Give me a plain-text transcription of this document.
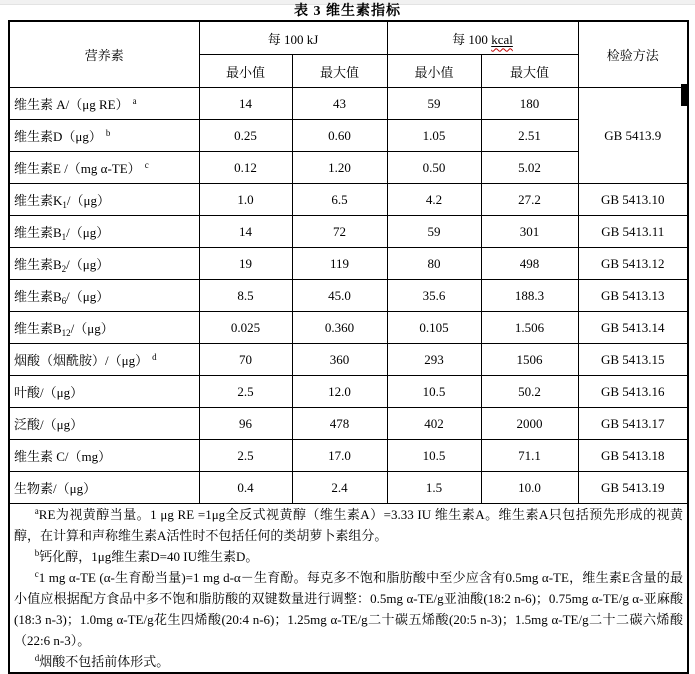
表 3 维生素指标
营养素	每 100 kJ		每 100 kcal		检验方法
	最小值	最大值	最小值	最大值	
维生素 A/（μg RE） $^a$	14	43	59	180	GB 5413.9
维生素D（μg） $^b$	0.25	0.60	1.05	2.51	
维生素E /（mg α-TE） $^c$	0.12	1.20	0.50	5.02	
维生素$K_1/(\mu g)$	1.0	6.5	4.2	27.2	GB 5413.10
维生素$B_1/(\mu g)$	14	72	59	301	GB 5413.11
维生素$B_2/(\mu g)$	19	119	80	498	GB 5413.12
维生素$B_6/(\mu g)$	8.5	45.0	35.6	188.3	GB 5413.13
维生素$B_{12}/(\mu g)$	0.025	0.360	0.105	1.506	GB 5413.14
烟酸（烟酰胺）/（μg） $^d$	70	360	293	1506	GB 5413.15
叶酸/（μg）	2.5	12.0	10.5	50.2	GB 5413.16
泛酸/（μg）	96	478	402	2000	GB 5413.17
维生素 C/（mg）	2.5	17.0	10.5	71.1	GB 5413.18
生物素/（μg）	0.4	2.4	1.5	10.0	GB 5413.19

$^a$RE为视黄醇当量。1 μg RE =1μg全反式视黄醇（维生素A）=3.33 IU 维生素A。维生素A只包括预先形成的视黄醇，在计算和声称维生素A活性时不包括任何的类胡萝卜素组分。

$^b$钙化醇，1μg维生素D=40 IU维生素D。

$^c$1 mg α-TE (α-生育酚当量)=1 mg d-α－生育酚。每克多不饱和脂肪酸中至少应含有0.5mg α-TE，维生素E含量的最小值应根据配方食品中多不饱和脂肪酸的双键数量进行调整：0.5mg α-TE/g亚油酸(18:2 n-6)；0.75mg α-TE/g α-亚麻酸 (18:3 n-3)；1.0mg α-TE/g花生四烯酸(20:4 n-6)；1.25mg α-TE/g二十碳五烯酸(20:5 n-3)；1.5mg α-TE/g二十二碳六烯酸（22:6 n-3）。

$^d$烟酸不包括前体形式。					
